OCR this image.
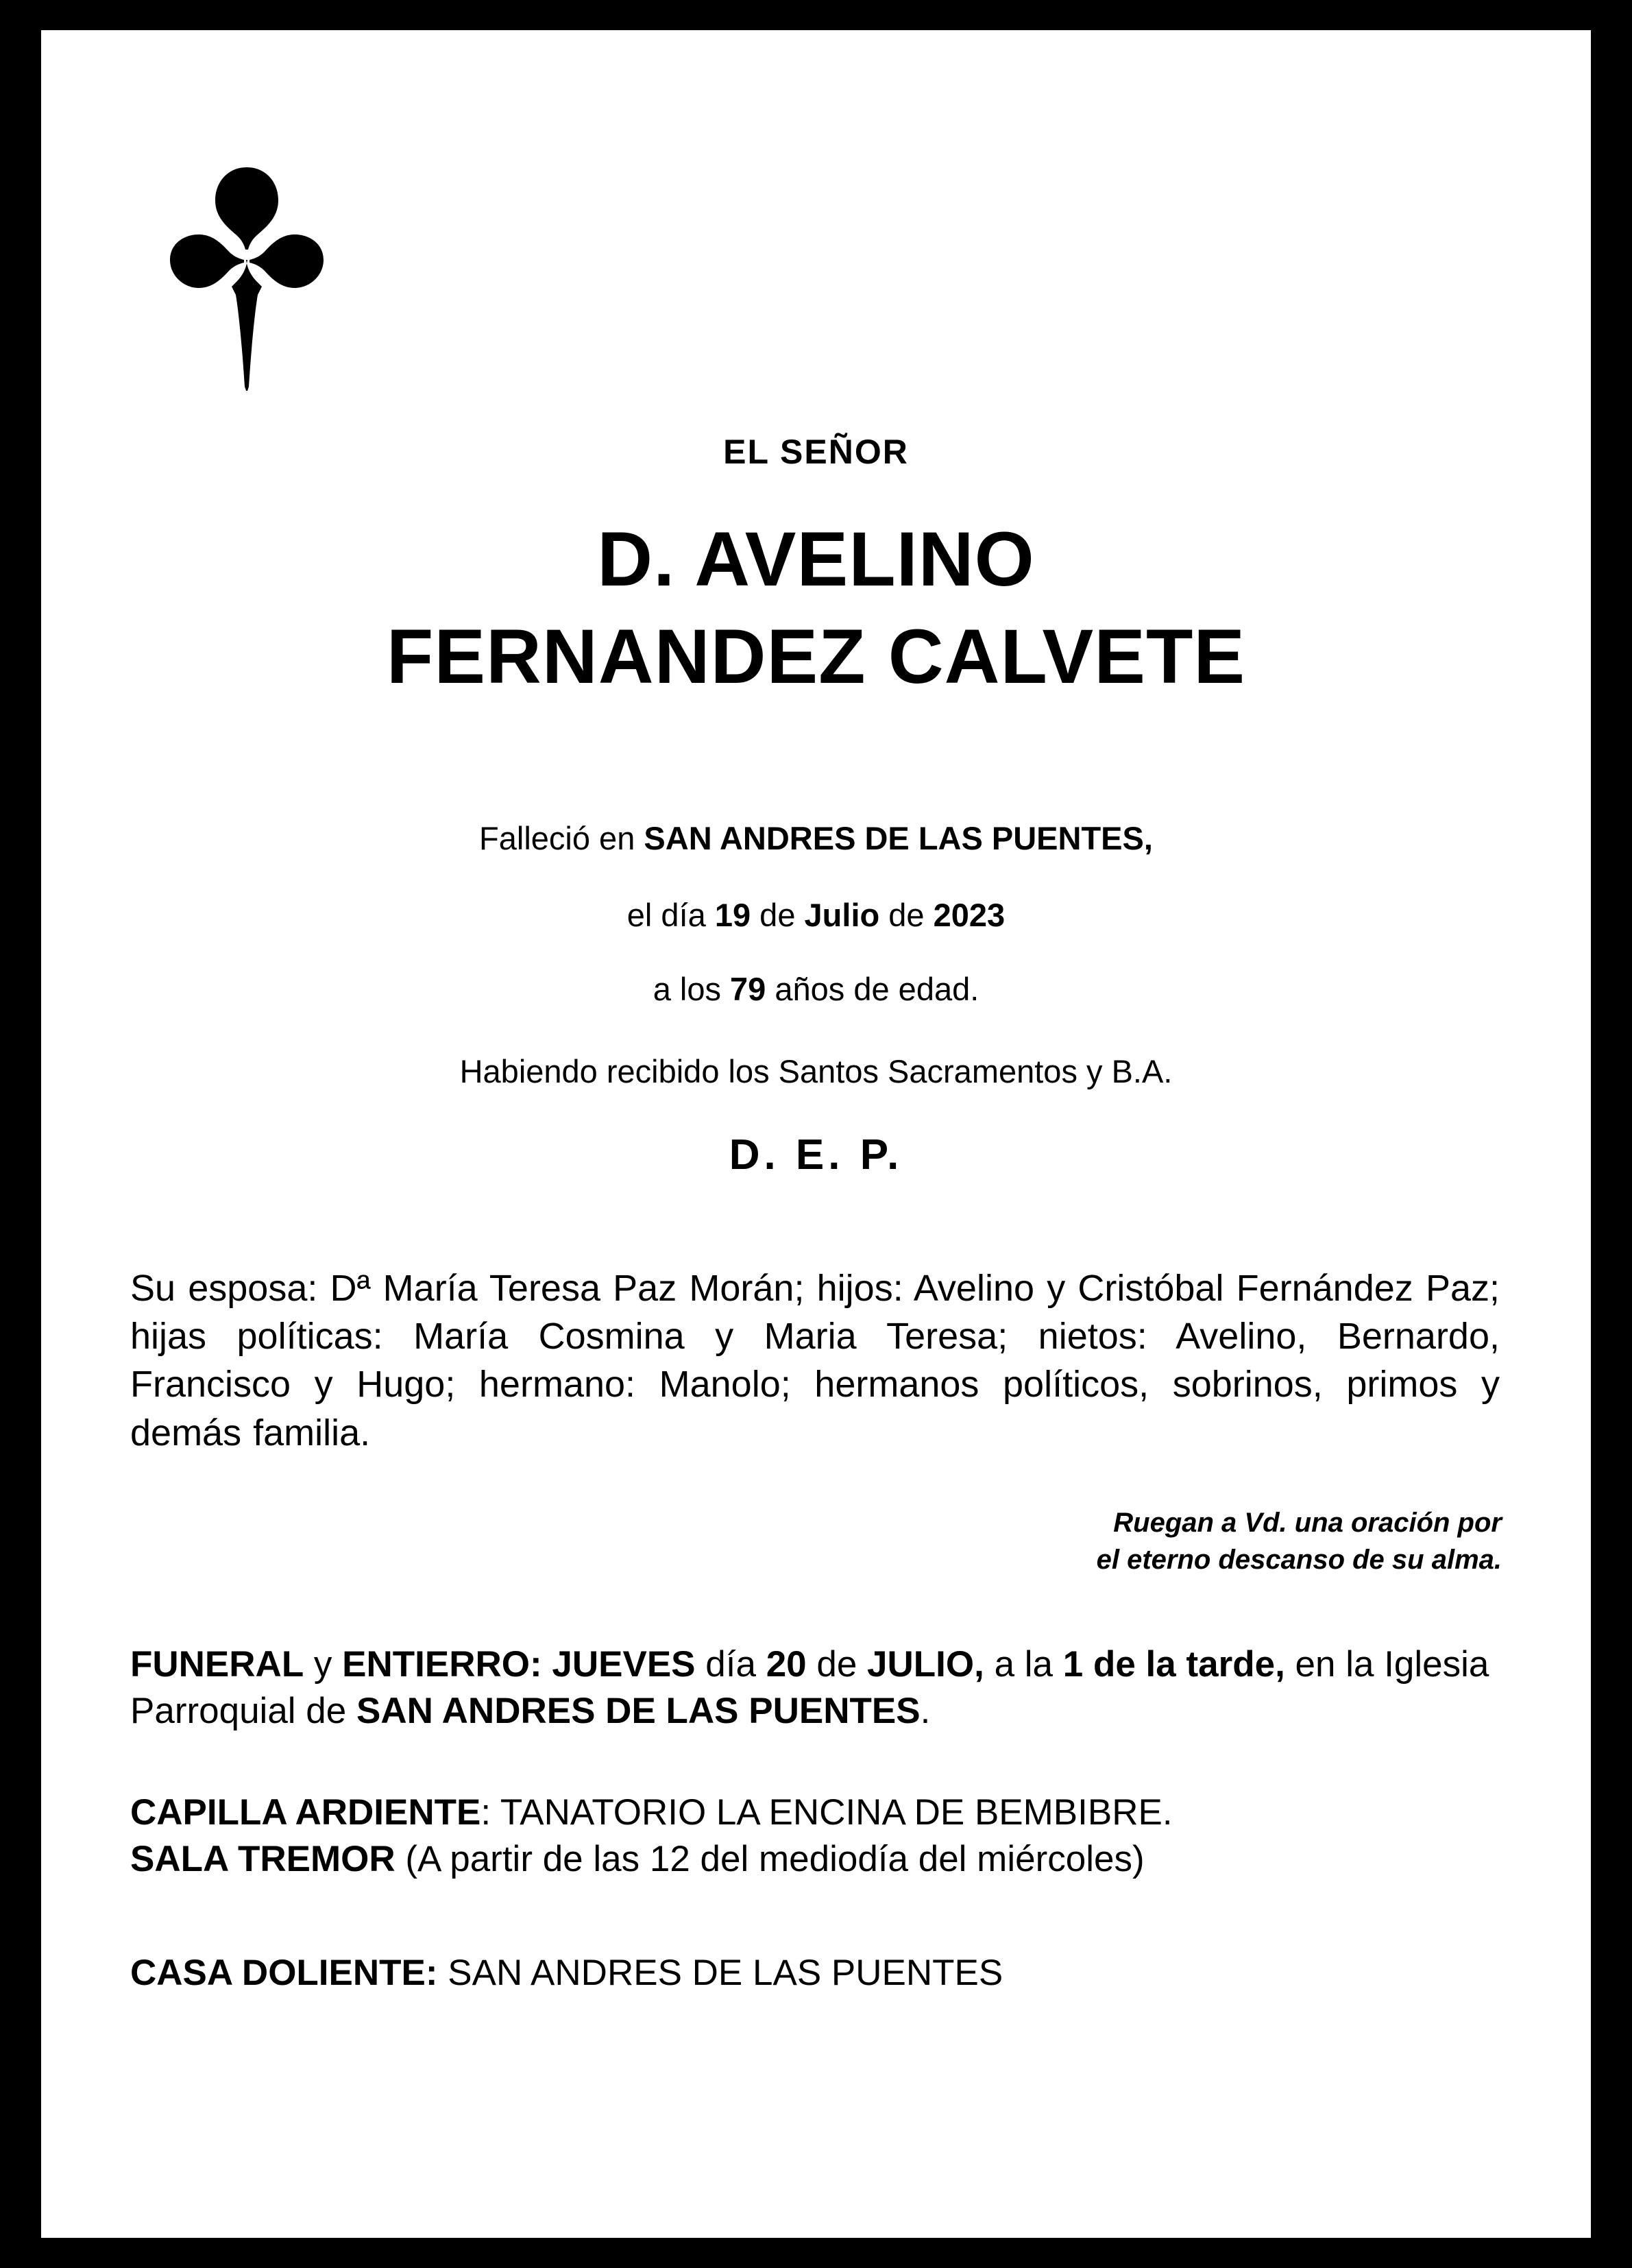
EL SEÑOR
D. AVELINO
FERNANDEZ CALVETE
Falleció en SAN ANDRES DE LAS PUENTES,
el día 19 de Julio de 2023
a los 79 años de edad.
Habiendo recibido los Santos Sacramentos y B.A.
D. E. P.
Su esposa: Dª María Teresa Paz Morán; hijos: Avelino y Cristóbal Fernández Paz; hijas políticas: María Cosmina y Maria Teresa; nietos: Avelino, Bernardo, Francisco y Hugo; hermano: Manolo; hermanos políticos, sobrinos, primos y demás familia.
Ruegan a Vd. una oración por
el eterno descanso de su alma.
FUNERAL y ENTIERRO: JUEVES día 20 de JULIO, a la 1 de la tarde, en la Iglesia Parroquial de SAN ANDRES DE LAS PUENTES.
CAPILLA ARDIENTE: TANATORIO LA ENCINA DE BEMBIBRE.
SALA TREMOR (A partir de las 12 del mediodía del miércoles)
CASA DOLIENTE: SAN ANDRES DE LAS PUENTES
